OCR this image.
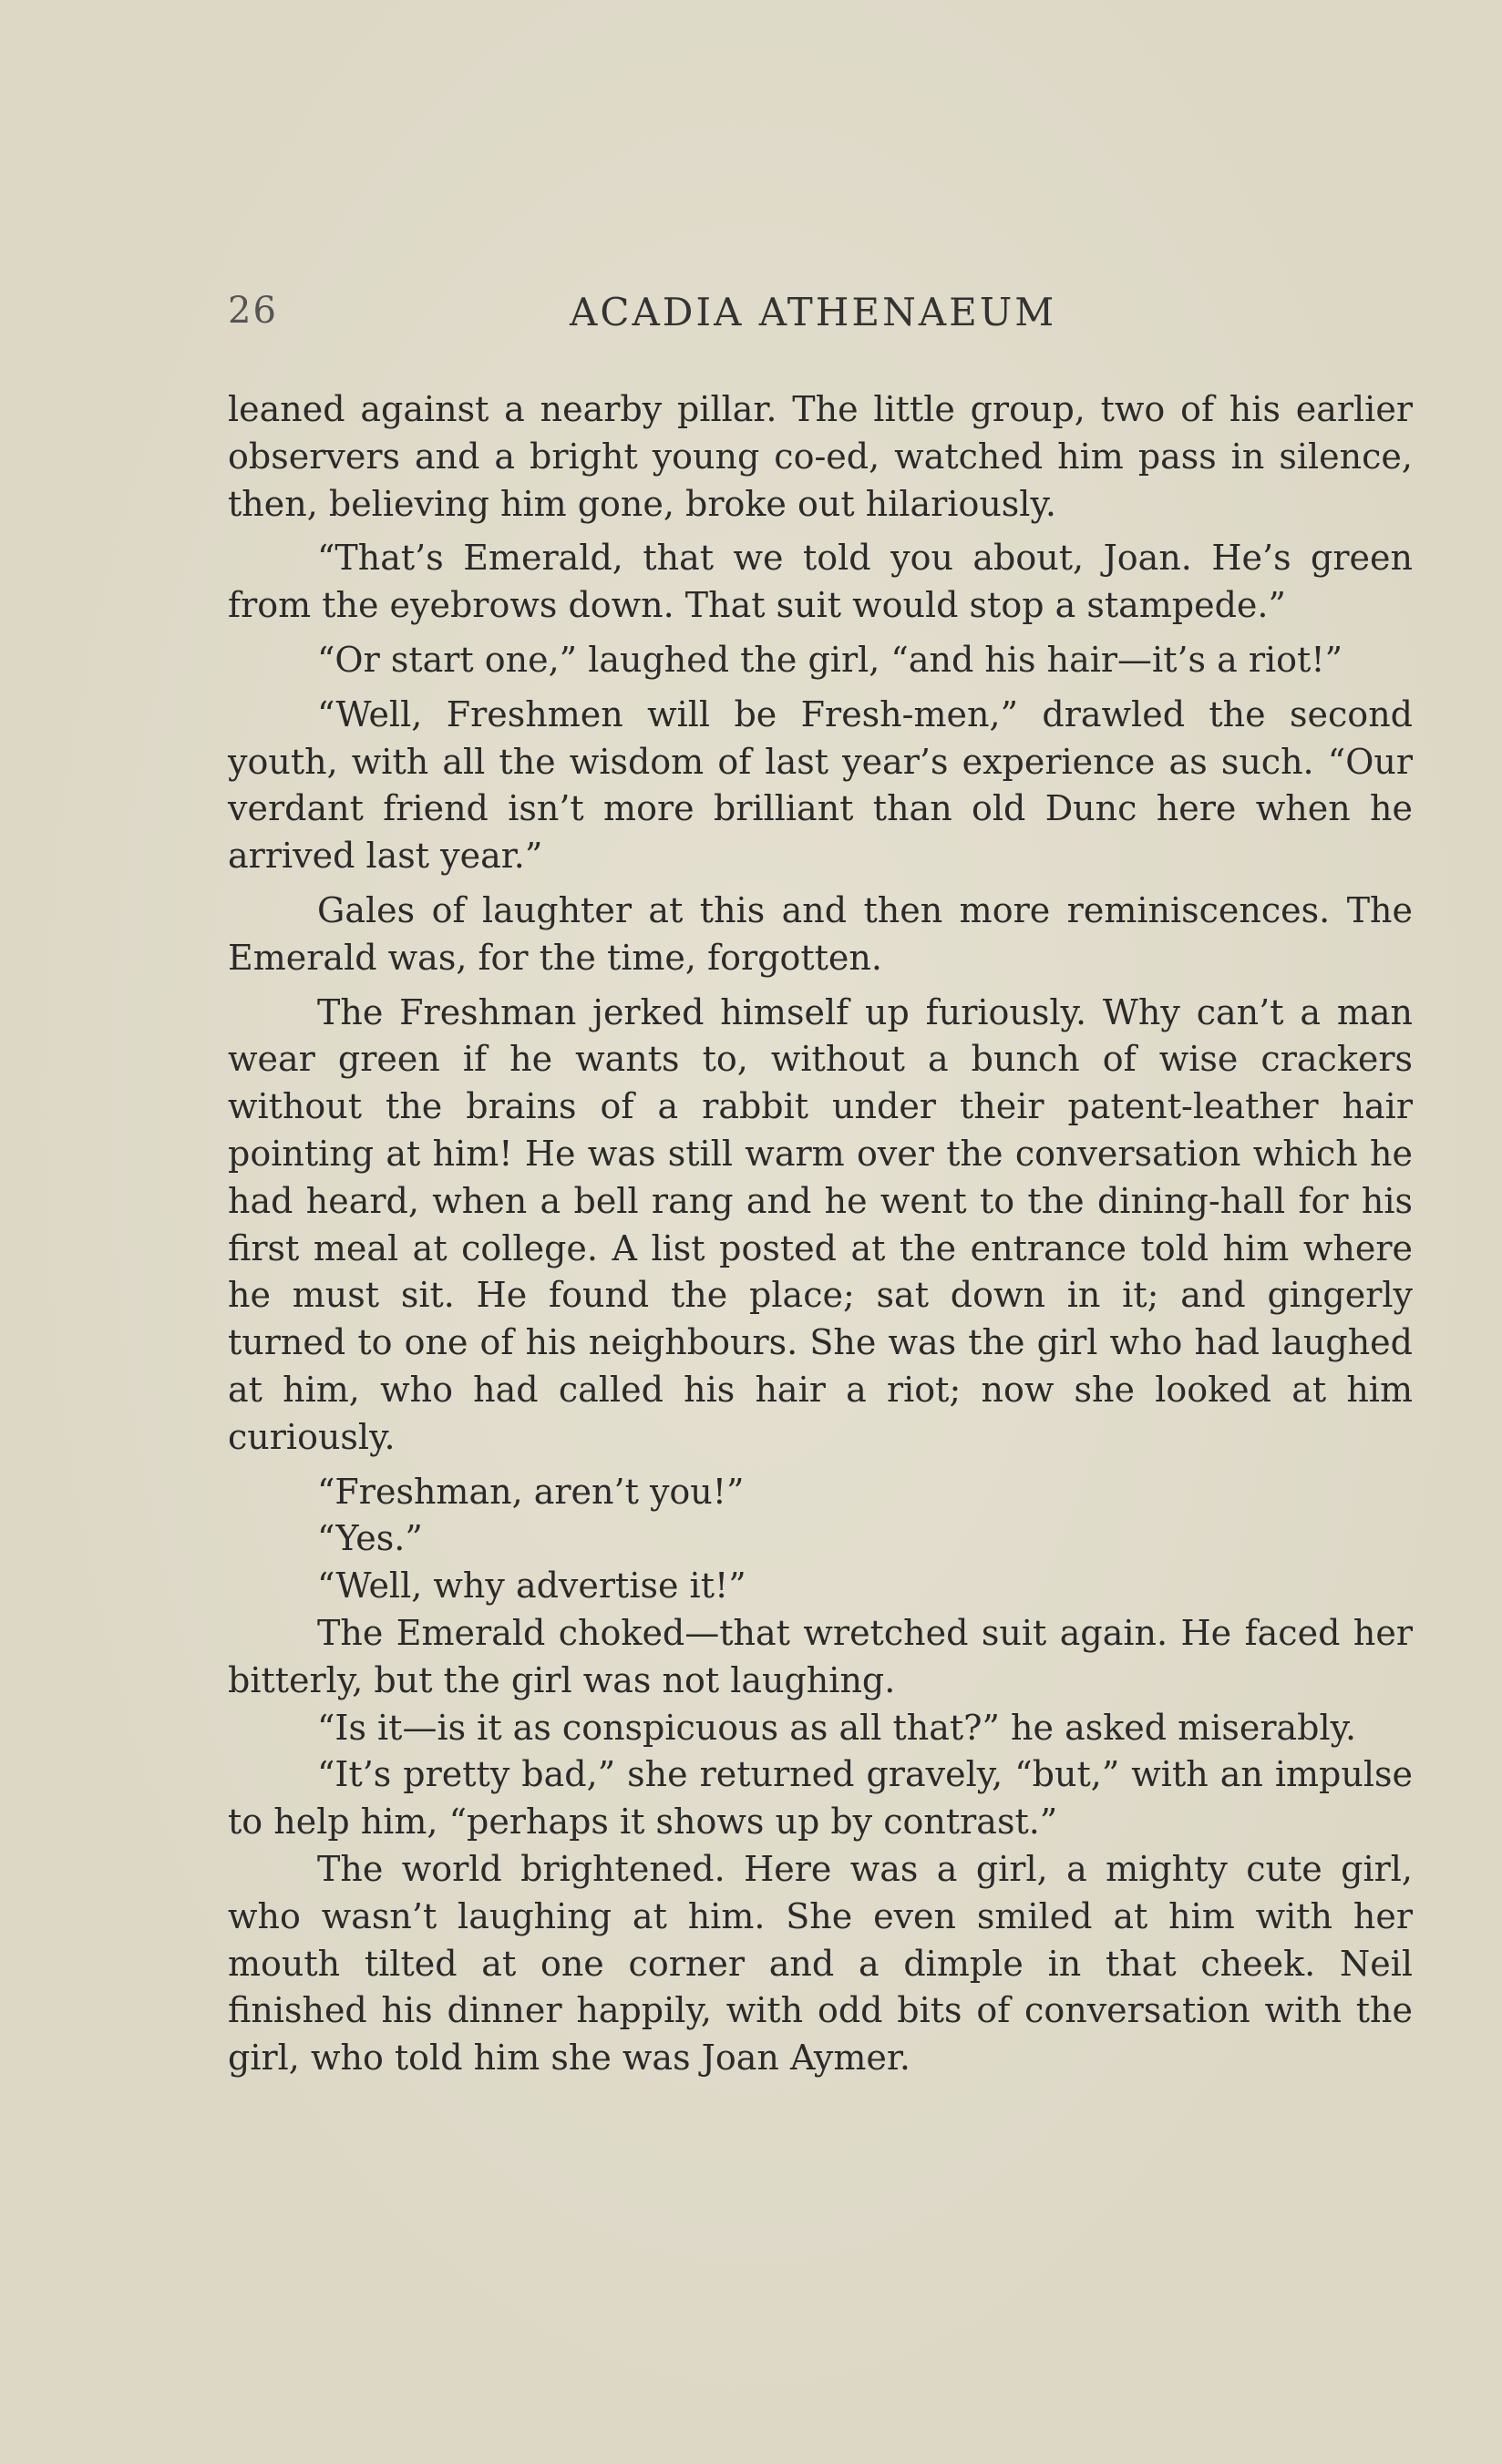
26	ACADIA ATHENAEUM

leaned against a nearby pillar. The little group, two of his earlier observers and a bright young co-ed, watched him pass in silence, then, believing him gone, broke out hilariously.

“That’s Emerald, that we told you about, Joan. He’s green from the eyebrows down. That suit would stop a stampede.”

“Or start one,” laughed the girl, “and his hair—it’s a riot!”

“Well, Freshmen will be Fresh-men,” drawled the second youth, with all the wisdom of last year’s experience as such. “Our verdant friend isn’t more brilliant than old Dunc here when he arrived last year.”

Gales of laughter at this and then more reminiscences. The Emerald was, for the time, forgotten.

The Freshman jerked himself up furiously. Why can’t a man wear green if he wants to, without a bunch of wise crackers without the brains of a rabbit under their patent-leather hair pointing at him! He was still warm over the conversation which he had heard, when a bell rang and he went to the dining-hall for his first meal at college. A list posted at the entrance told him where he must sit. He found the place; sat down in it; and gingerly turned to one of his neighbours. She was the girl who had laughed at him, who had called his hair a riot; now she looked at him curiously.

“Freshman, aren’t you!”

“Yes.”

“Well, why advertise it!”

The Emerald choked—that wretched suit again. He faced her bitterly, but the girl was not laughing.

“Is it—is it as conspicuous as all that?” he asked miserably.

“It’s pretty bad,” she returned gravely, “but,” with an impulse to help him, “perhaps it shows up by contrast.”

The world brightened. Here was a girl, a mighty cute girl, who wasn’t laughing at him. She even smiled at him with her mouth tilted at one corner and a dimple in that cheek. Neil finished his dinner happily, with odd bits of conversation with the girl, who told him she was Joan Aymer.
